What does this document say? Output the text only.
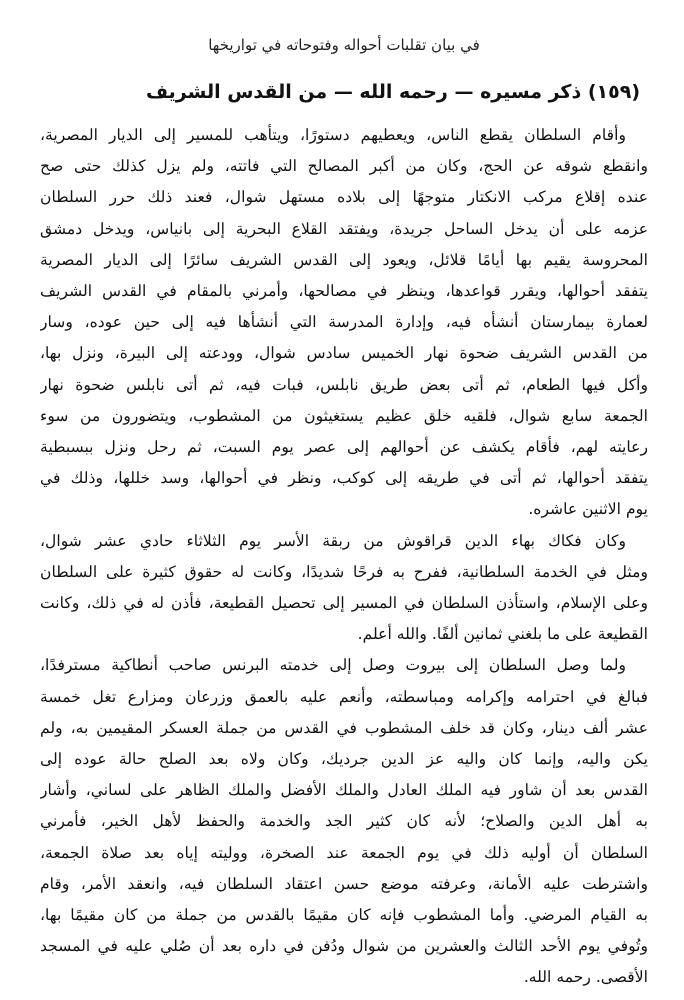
في بيان تقلبات أحواله وفتوحاته في تواريخها
(١٥٩) ذكر مسيره — رحمه الله — من القدس الشريف
وأقام السلطان يقطع الناس، ويعطيهم دستورًا، ويتأهب للمسير إلى الديار المصرية،
وانقطع شوقه عن الحج، وكان من أكبر المصالح التي فاتته، ولم يزل كذلك حتى صح
عنده إقلاع مركب الانكتار متوجهًا إلى بلاده مستهل شوال، فعند ذلك حرر السلطان
عزمه على أن يدخل الساحل جريدة، ويفتقد القلاع البحرية إلى بانياس، ويدخل دمشق
المحروسة يقيم بها أيامًا قلائل، ويعود إلى القدس الشريف سائرًا إلى الديار المصرية
يتفقد أحوالها، ويقرر قواعدها، وينظر في مصالحها، وأمرني بالمقام في القدس الشريف
لعمارة بيمارستان أنشأه فيه، وإدارة المدرسة التي أنشأها فيه إلى حين عوده، وسار
من القدس الشريف ضحوة نهار الخميس سادس شوال، وودعته إلى البيرة، ونزل بها،
وأكل فيها الطعام، ثم أتى بعض طريق نابلس، فبات فيه، ثم أتى نابلس ضحوة نهار
الجمعة سابع شوال، فلقيه خلق عظيم يستغيثون من المشطوب، ويتضورون من سوء
رعايته لهم، فأقام يكشف عن أحوالهم إلى عصر يوم السبت، ثم رحل ونزل ببسبطية
يتفقد أحوالها، ثم أتى في طريقه إلى كوكب، ونظر في أحوالها، وسد خللها، وذلك في
يوم الاثنين عاشره.
وكان فكاك بهاء الدين قراقوش من ربقة الأسر يوم الثلاثاء حادي عشر شوال،
ومثل في الخدمة السلطانية، ففرح به فرحًا شديدًا، وكانت له حقوق كثيرة على السلطان
وعلى الإسلام، واستأذن السلطان في المسير إلى تحصيل القطيعة، فأذن له في ذلك، وكانت
القطيعة على ما بلغني ثمانين ألفًا. والله أعلم.
ولما وصل السلطان إلى بيروت وصل إلى خدمته البرنس صاحب أنطاكية مسترفدًا،
فبالغ في احترامه وإكرامه ومباسطته، وأنعم عليه بالعمق وزرعان ومزارع تغل خمسة
عشر ألف دينار، وكان قد خلف المشطوب في القدس من جملة العسكر المقيمين به، ولم
يكن واليه، وإنما كان واليه عز الدين جرديك، وكان ولاه بعد الصلح حالة عوده إلى
القدس بعد أن شاور فيه الملك العادل والملك الأفضل والملك الظاهر على لساني، وأشار
به أهل الدين والصلاح؛ لأنه كان كثير الجد والخدمة والحفظ لأهل الخير، فأمرني
السلطان أن أوليه ذلك في يوم الجمعة عند الصخرة، ووليته إياه بعد صلاة الجمعة،
واشترطت عليه الأمانة، وعرفته موضع حسن اعتقاد السلطان فيه، وانعقد الأمر، وقام
به القيام المرضي. وأما المشطوب فإنه كان مقيمًا بالقدس من جملة من كان مقيمًا بها،
وتُوفي يوم الأحد الثالث والعشرين من شوال ودُفن في داره بعد أن صُلي عليه في المسجد
الأقصى. رحمه الله.
